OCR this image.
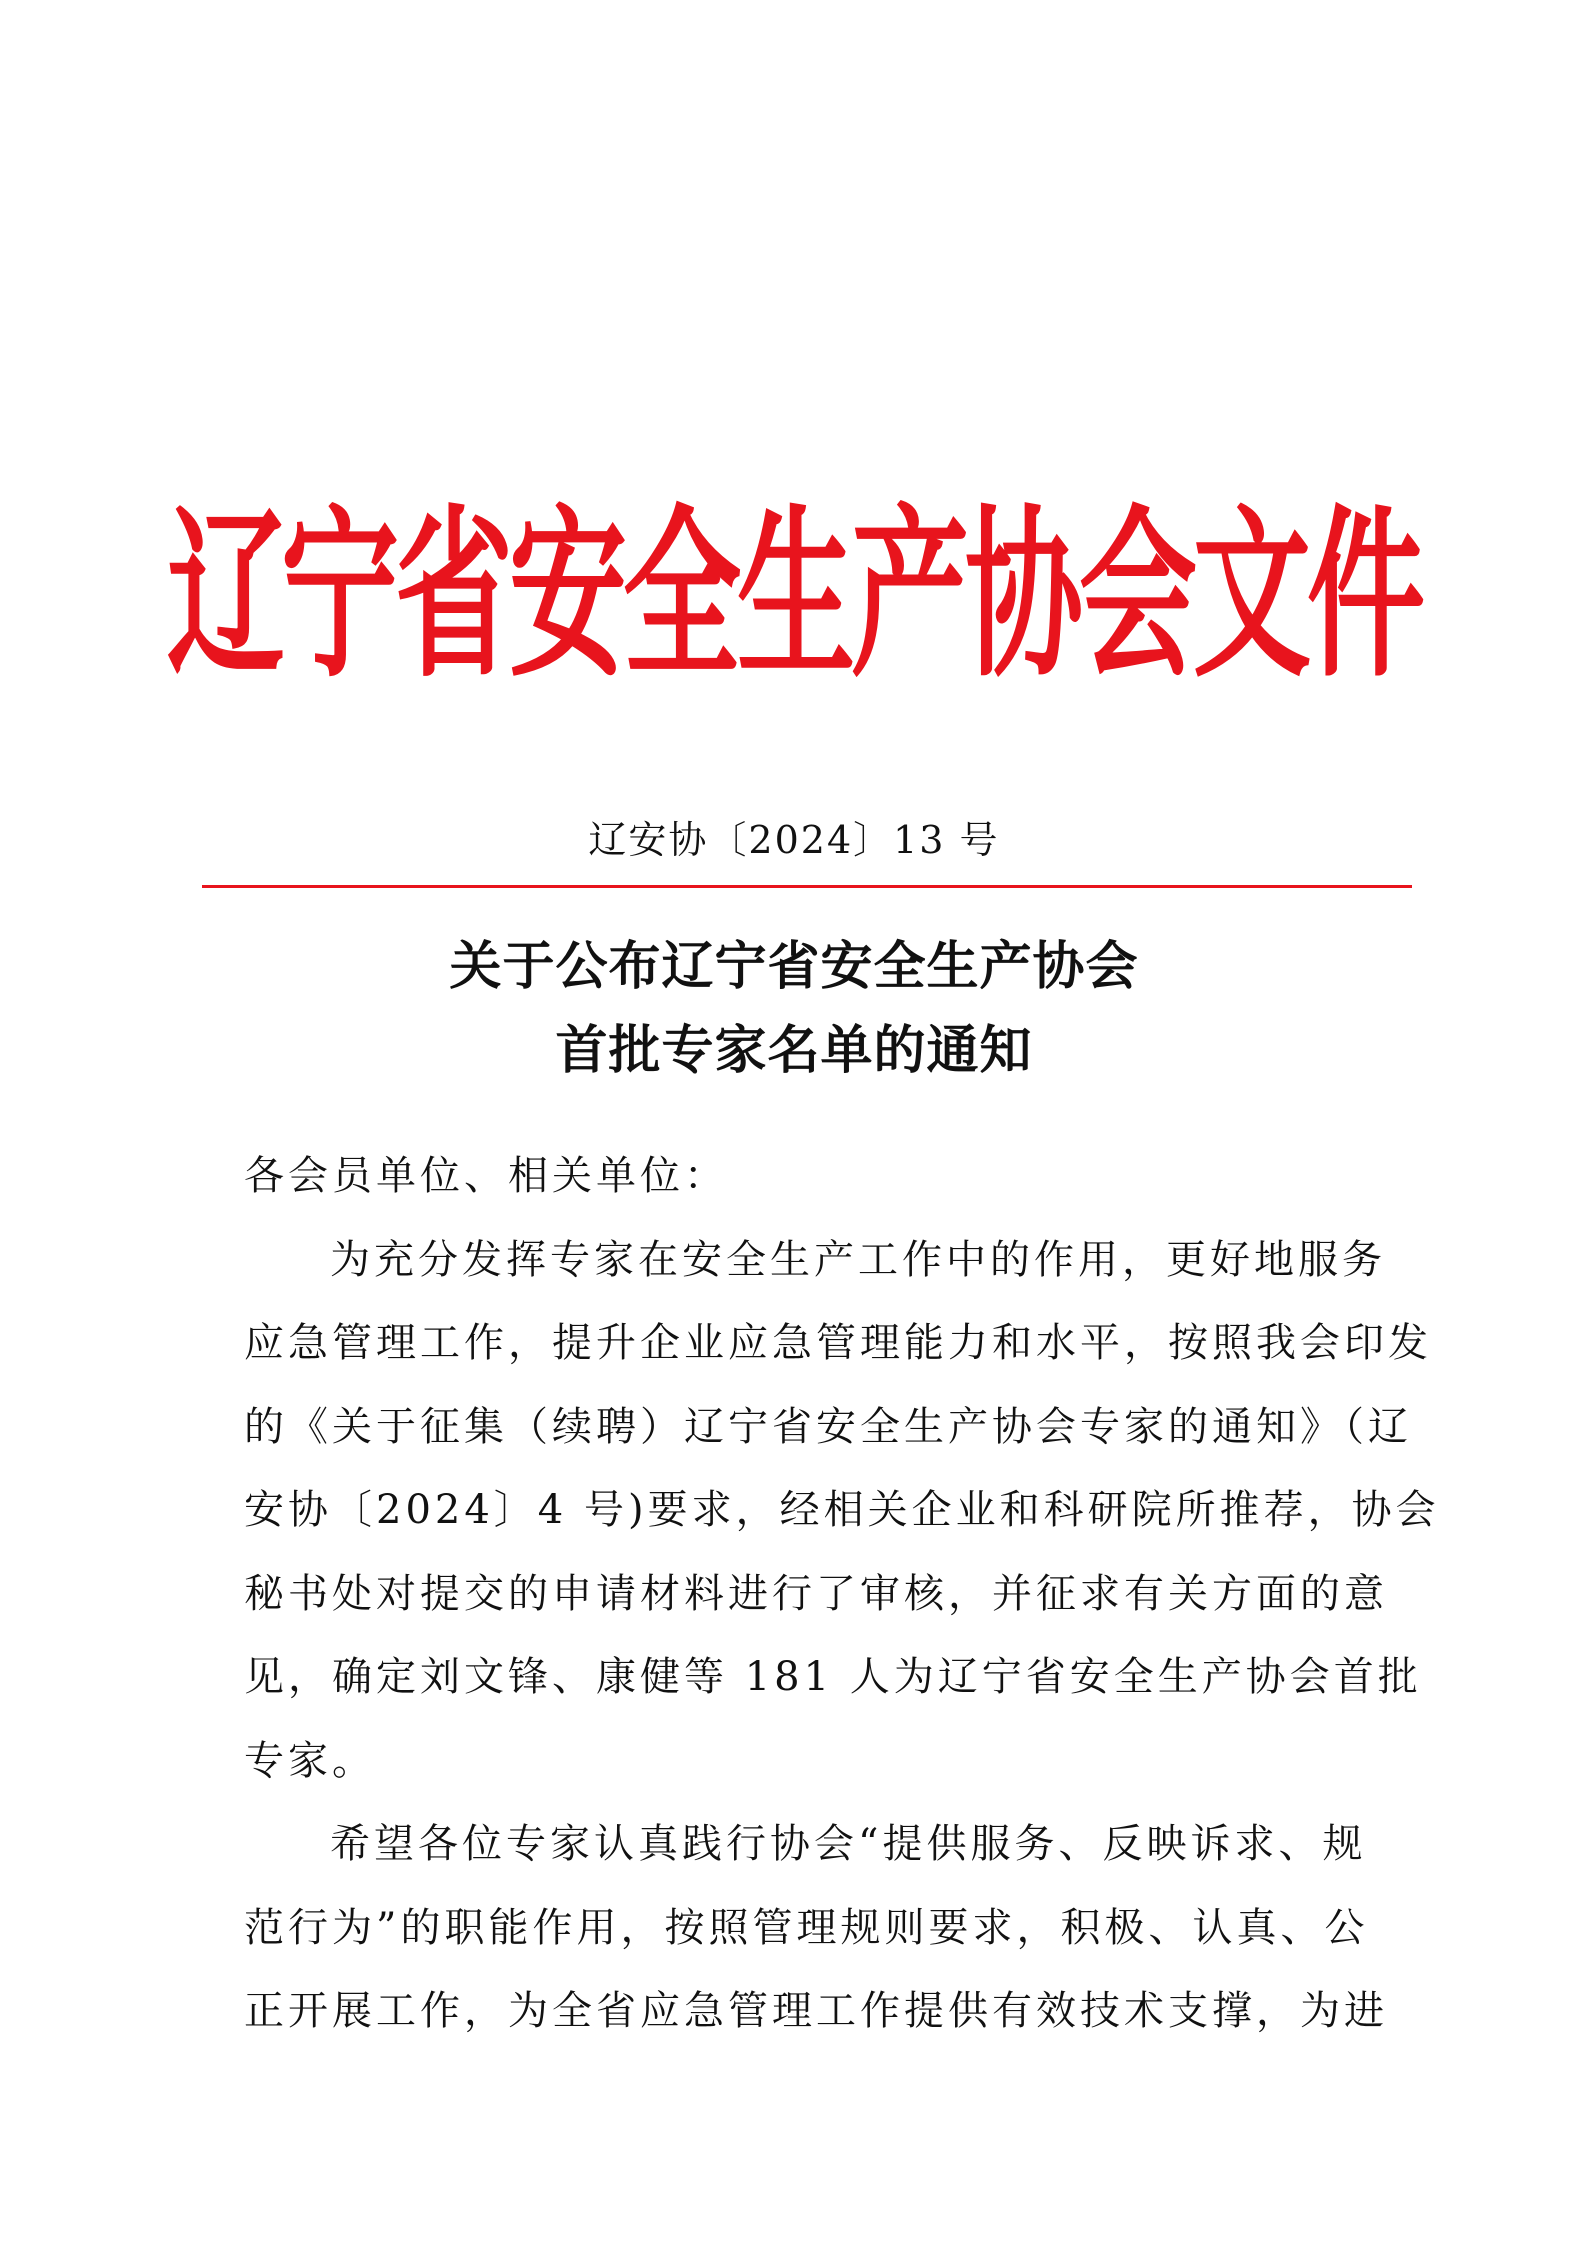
辽宁省安全生产协会文件
辽安协〔2024〕13 号
关于公布辽宁省安全生产协会
首批专家名单的通知
各会员单位、相关单位：
为充分发挥专家在安全生产工作中的作用，更好地服务
应急管理工作，提升企业应急管理能力和水平，按照我会印发
的《关于征集（续聘）辽宁省安全生产协会专家的通知》（辽
安协〔2024〕4 号)要求，经相关企业和科研院所推荐，协会
秘书处对提交的申请材料进行了审核，并征求有关方面的意
见，确定刘文锋、康健等 181 人为辽宁省安全生产协会首批
专家。
希望各位专家认真践行协会“提供服务、反映诉求、规
范行为”的职能作用，按照管理规则要求，积极、认真、公
正开展工作，为全省应急管理工作提供有效技术支撑，为进
